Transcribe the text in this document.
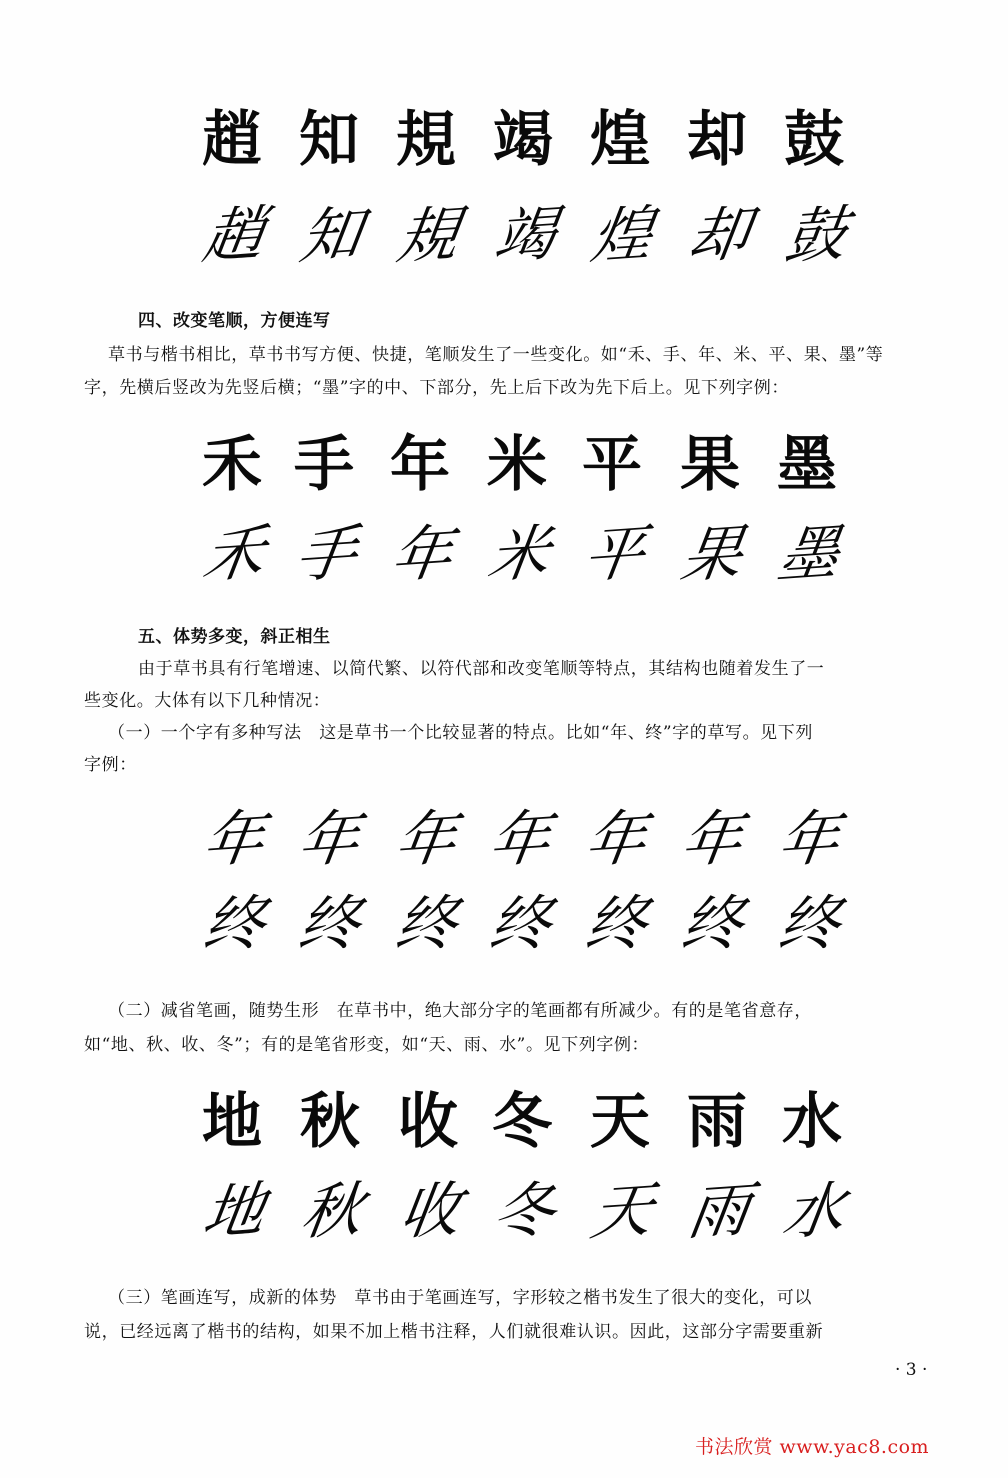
趙 知 規 竭 煌 却 鼓
趙 知 規 竭 煌 却 鼓
四、改变笔顺，方便连写
草书与楷书相比，草书书写方便、快捷，笔顺发生了一些变化。如“禾、手、年、米、平、果、墨”等
字，先横后竖改为先竖后横；“墨”字的中、下部分，先上后下改为先下后上。见下列字例：
禾 手 年 米 平 果 墨
禾 手 年 米 平 果 墨
五、体势多变，斜正相生
由于草书具有行笔增速、以简代繁、以符代部和改变笔顺等特点，其结构也随着发生了一
些变化。大体有以下几种情况：
（一）一个字有多种写法　这是草书一个比较显著的特点。比如“年、终”字的草写。见下列
字例：
年 年 年 年 年 年 年
终 终 终 终 终 终 终
（二）减省笔画，随势生形　在草书中，绝大部分字的笔画都有所减少。有的是笔省意存，
如“地、秋、收、冬”；有的是笔省形变，如“天、雨、水”。见下列字例：
地 秋 收 冬 天 雨 水
地 秋 收 冬 天 雨 水
（三）笔画连写，成新的体势　草书由于笔画连写，字形较之楷书发生了很大的变化，可以
说，已经远离了楷书的结构，如果不加上楷书注释，人们就很难认识。因此，这部分字需要重新
· 3 ·
书法欣赏 www.yac8.com
